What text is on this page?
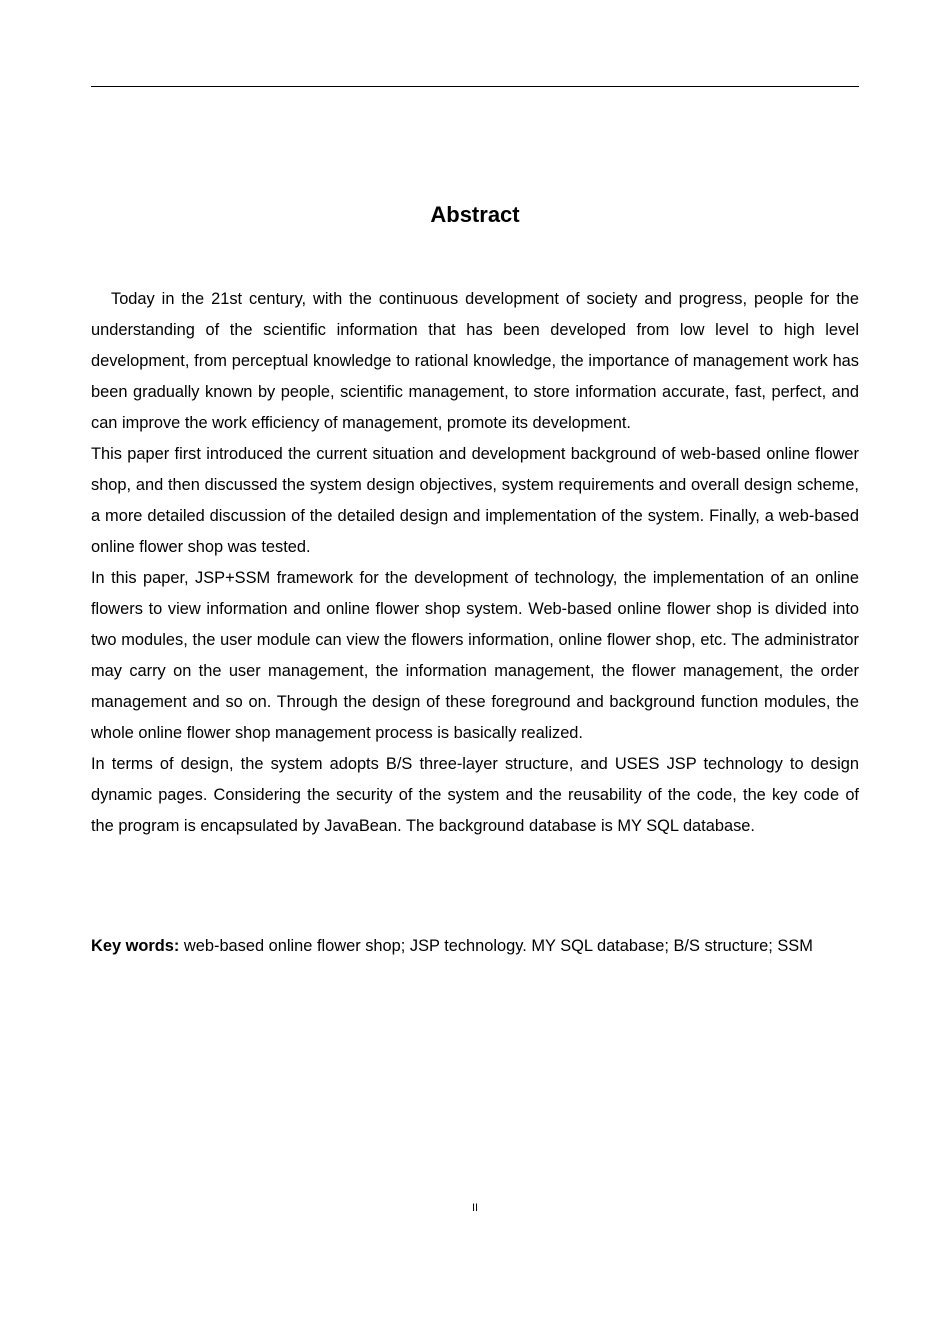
Abstract

Today in the 21st century, with the continuous development of society and progress, people for the understanding of the scientific information that has been developed from low level to high level development, from perceptual knowledge to rational knowledge, the importance of management work has been gradually known by people, scientific management, to store information accurate, fast, perfect, and can improve the work efficiency of management, promote its development.

This paper first introduced the current situation and development background of web-based online flower shop, and then discussed the system design objectives, system requirements and overall design scheme, a more detailed discussion of the detailed design and implementation of the system. Finally, a web-based online flower shop was tested.

In this paper, JSP+SSM framework for the development of technology, the implementation of an online flowers to view information and online flower shop system. Web-based online flower shop is divided into two modules, the user module can view the flowers information, online flower shop, etc. The administrator may carry on the user management, the information management, the flower management, the order management and so on. Through the design of these foreground and background function modules, the whole online flower shop management process is basically realized.

In terms of design, the system adopts B/S three-layer structure, and USES JSP technology to design dynamic pages. Considering the security of the system and the reusability of the code, the key code of the program is encapsulated by JavaBean. The background database is MY SQL database.

Key words: web-based online flower shop; JSP technology. MY SQL database; B/S structure; SSM
II
